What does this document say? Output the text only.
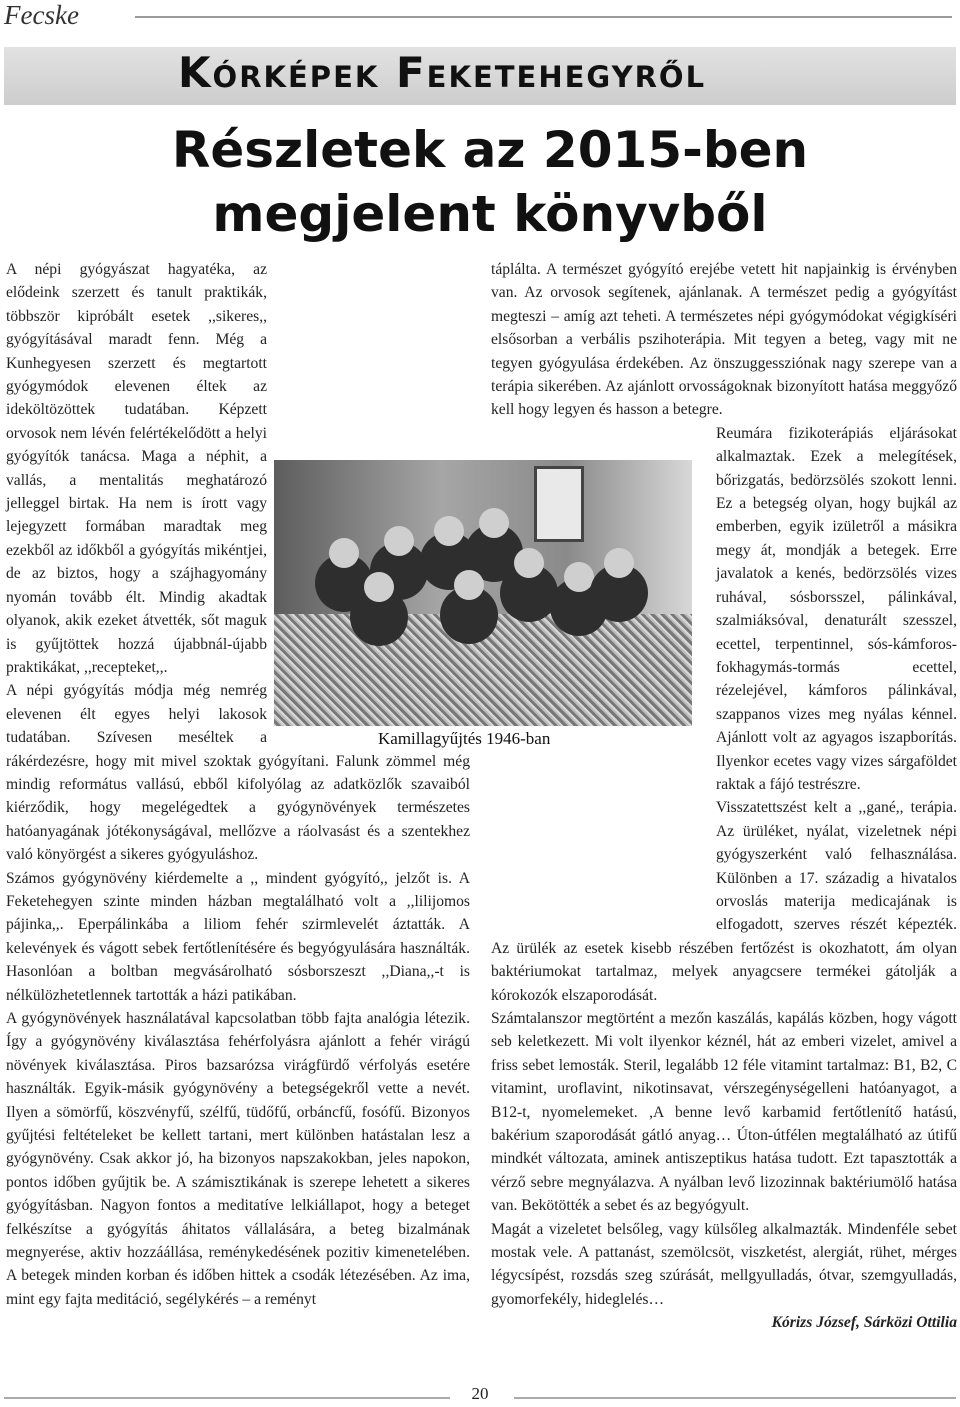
Fecske
Kórképek Feketehegyről
Részletek az 2015-ben megjelent könyvből

A népi gyógyászat hagyatéka, az elődeink szerzett és tanult praktikák, többször kipróbált esetek ,,sikeres,, gyógyításával maradt fenn. Még a Kunhegyesen szerzett és megtartott gyógymódok elevenen éltek az ideköltözöttek tudatában. Képzett orvosok nem lévén felértékelődött a helyi gyógyítók tanácsa. Maga a néphit, a vallás, a mentalitás meghatározó jelleggel birtak. Ha nem is írott vagy lejegyzett formában maradtak meg ezekből az időkből a gyógyítás mikéntjei, de az biztos, hogy a szájhagyomány nyomán tovább élt. Mindig akadtak olyanok, akik ezeket átvették, sőt maguk is gyűjtöttek hozzá újabbnál-újabb praktikákat, ,,recepteket,,.

A népi gyógyítás módja még nemrég elevenen élt egyes helyi lakosok tudatában. Szívesen meséltek a rákérdezésre, hogy mit mivel szoktak gyógyítani. Falunk zömmel még mindig református vallású, ebből kifolyólag az adatközlők szavaiból kiérződik, hogy megelégedtek a gyógynövények természetes hatóanyagának jótékonyságával, mellőzve a ráolvasást és a szentekhez való könyörgést a sikeres gyógyuláshoz.

Számos gyógynövény kiérdemelte a ,, mindent gyógyító,, jelzőt is. A Feketehegyen szinte minden házban megtalálható volt a ,,lilijomos pájinka,,. Eperpálinkába a liliom fehér szirmlevelét áztatták. A kelevények és vágott sebek fertőtlenítésére és begyógyulására használták. Hasonlóan a boltban megvásárolható sósborszeszt ,,Diana,,-t is nélkülözhetetlennek tartották a házi patikában.

A gyógynövények használatával kapcsolatban több fajta analógia létezik. Így a gyógynövény kiválasztása fehérfolyásra ajánlott a fehér virágú növények kiválasztása. Piros bazsarózsa virágfürdő vérfolyás esetére használták. Egyik-másik gyógynövény a betegségekről vette a nevét. Ilyen a sömörfű, köszvényfű, szélfű, tüdőfű, orbáncfű, fosófű. Bizonyos gyűjtési feltételeket be kellett tartani, mert különben hatástalan lesz a gyógynövény. Csak akkor jó, ha bizonyos napszakokban, jeles napokon, pontos időben gyűjtik be. A számisztikának is szerepe lehetett a sikeres gyógyításban. Nagyon fontos a meditatíve lelkiállapot, hogy a beteget felkészítse a gyógyítás áhitatos vállalására, a beteg bizalmának megnyerése, aktiv hozzáállása, reménykedésének pozitiv kimenetelében. A betegek minden korban és időben hittek a csodák létezésében. Az ima, mint egy fajta meditáció, segélykérés – a reményt

táplálta. A természet gyógyító erejébe vetett hit napjainkig is érvényben van. Az orvosok segítenek, ajánlanak. A természet pedig a gyógyítást megteszi – amíg azt teheti. A természetes népi gyógymódokat végigkíséri elsősorban a verbális pszihoterápia. Mit tegyen a beteg, vagy mit ne tegyen gyógyulása érdekében. Az önszuggessziónak nagy szerepe van a terápia sikerében. Az ajánlott orvosságoknak bizonyított hatása meggyőző kell hogy legyen és hasson a betegre.

Reumára fizikoterápiás eljárásokat alkalmaztak. Ezek a melegítések, bőrizgatás, bedörzsölés szokott lenni. Ez a betegség olyan, hogy bujkál az emberben, egyik izületről a másikra megy át, mondják a betegek. Erre javalatok a kenés, bedörzsölés vizes ruhával, sósborsszel, pálinkával, szalmiáksóval, denaturált szesszel, ecettel, terpentinnel, sós-kámforos-fokhagymás-tormás ecettel, rézelejével, kámforos pálinkával, szappanos vizes meg nyálas kénnel. Ajánlott volt az agyagos iszapborítás. Ilyenkor ecetes vagy vizes sárgaföldet raktak a fájó testrészre.

Visszatettszést kelt a ,,gané,, terápia. Az ürüléket, nyálat, vizeletnek népi gyógyszerként való felhasználása. Különben a 17. századig a hivatalos orvoslás materija medicajának is elfogadott, szerves részét képezték. Az ürülék az esetek kisebb részében fertőzést is okozhatott, ám olyan baktériumokat tartalmaz, melyek anyagcsere termékei gátolják a kórokozók elszaporodását.

Számtalanszor megtörtént a mezőn kaszálás, kapálás közben, hogy vágott seb keletkezett. Mi volt ilyenkor kéznél, hát az emberi vizelet, amivel a friss sebet lemosták. Steril, legalább 12 féle vitamint tartalmaz: B1, B2, C vitamint, uroflavint, nikotinsavat, vérszegénységelleni hatóanyagot, a B12-t, nyomelemeket. ,A benne levő karbamid fertőtlenítő hatású, bakérium szaporodását gátló anyag… Úton-útfélen megtalálható az útifű mindkét változata, aminek antiszeptikus hatása tudott. Ezt tapasztották a vérző sebre megnyálazva. A nyálban levő lizozinnak baktériumölő hatása van. Bekötötték a sebet és az begyógyult.

Magát a vizeletet belsőleg, vagy külsőleg alkalmazták. Mindenféle sebet mostak vele. A pattanást, szemölcsöt, viszketést, alergiát, rühet, mérges légycsípést, rozsdás szeg szúrását, mellgyulladás, ótvar, szemgyulladás, gyomorfekély, hideglelés…

Kórizs József, Sárközi Ottilia

Kamillagyűjtés 1946-ban
20
